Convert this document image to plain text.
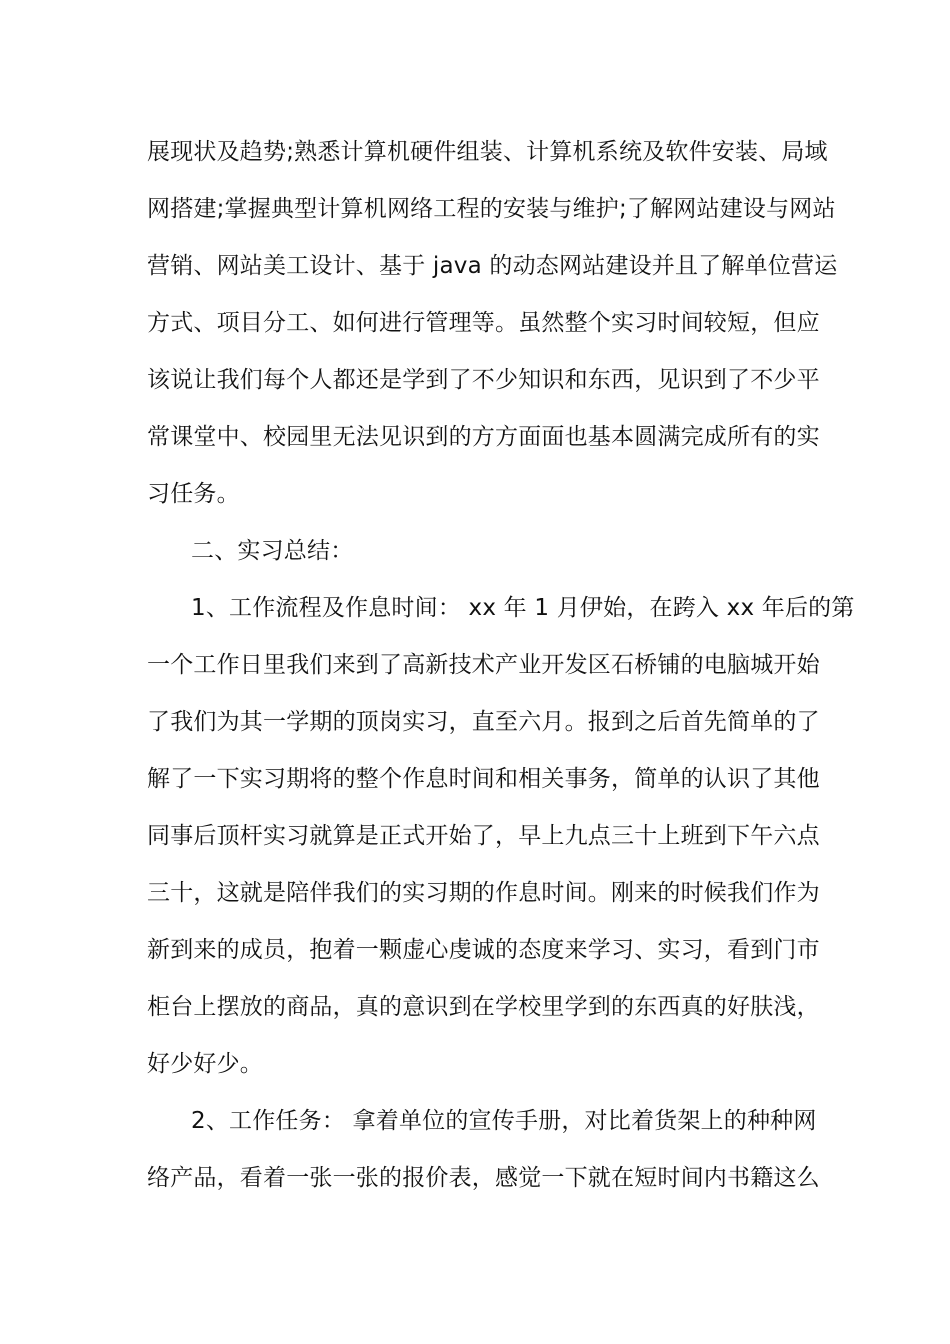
展现状及趋势;熟悉计算机硬件组装、计算机系统及软件安装、局域
网搭建;掌握典型计算机网络工程的安装与维护;了解网站建设与网站
营销、网站美工设计、基于 java 的动态网站建设并且了解单位营运
方式、项目分工、如何进行管理等。虽然整个实习时间较短，但应
该说让我们每个人都还是学到了不少知识和东西，见识到了不少平
常课堂中、校园里无法见识到的方方面面也基本圆满完成所有的实
习任务。
二、实习总结：
1、工作流程及作息时间： xx 年 1 月伊始，在跨入 xx 年后的第
一个工作日里我们来到了高新技术产业开发区石桥铺的电脑城开始
了我们为其一学期的顶岗实习，直至六月。报到之后首先简单的了
解了一下实习期将的整个作息时间和相关事务，简单的认识了其他
同事后顶杆实习就算是正式开始了，早上九点三十上班到下午六点
三十，这就是陪伴我们的实习期的作息时间。刚来的时候我们作为
新到来的成员，抱着一颗虚心虔诚的态度来学习、实习，看到门市
柜台上摆放的商品，真的意识到在学校里学到的东西真的好肤浅，
好少好少。
2、工作任务： 拿着单位的宣传手册，对比着货架上的种种网
络产品，看着一张一张的报价表，感觉一下就在短时间内书籍这么
